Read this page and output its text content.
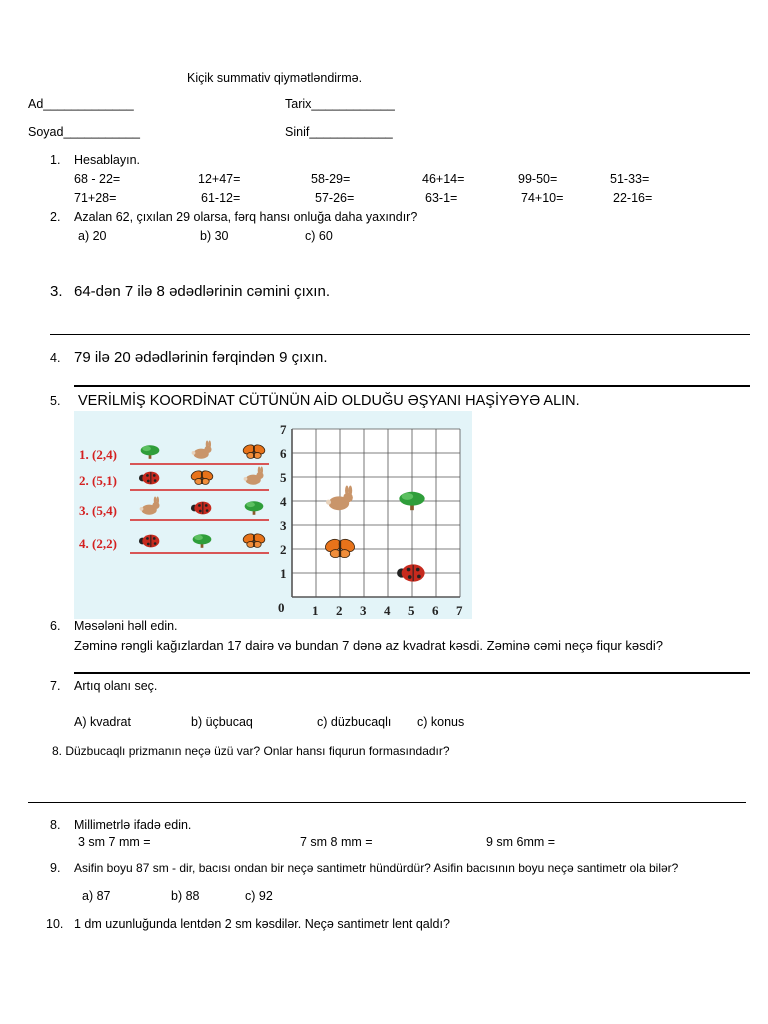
Kiçik summativ qiymətləndirmə.
Ad_____________	Tarix____________
Soyad___________	Sinif____________
1. Hesablayın.
68 - 22=	12+47=	58-29=	46+14=	99-50=	51-33=
71+28=	61-12=	57-26=	63-1=	74+10=	22-16=
2. Azalan 62, çıxılan 29 olarsa, fərq hansı onluğa daha yaxındır?
a) 20	b) 30	c) 60
3. 64-dən 7 ilə 8 ədədlərinin cəmini çıxın.
4. 79 ilə 20 ədədlərinin fərqindən 9 çıxın.
5. VERİLMİŞ KOORDİNAT CÜTÜNÜN AİD OLDUĞU ƏŞYANI HAŞİYƏYƏ ALIN.
1. (2,4)
2. (5,1)
3. (5,4)
4. (2,2)
1
2
3
4
5
6
7
1 2 3 4 5 6 7
0
6. Məsələni həll edin.
Zəminə rəngli kağızlardan 17 dairə və bundan 7 dənə az kvadrat kəsdi. Zəminə cəmi neçə fiqur kəsdi?
7. Artıq olanı seç.
A) kvadrat	b) üçbucaq	c) düzbucaqlı c) konus
8. Düzbucaqlı prizmanın neçə üzü var? Onlar hansı fiqurun formasındadır?
8. Millimetrlə ifadə edin.
3 sm 7 mm =	7 sm 8 mm =	9 sm 6mm =
9. Asifin boyu 87 sm - dir, bacısı ondan bir neçə santimetr hündürdür? Asifin bacısının boyu neçə santimetr ola bilər?
a) 87	b) 88	c) 92
10. 1 dm uzunluğunda lentdən 2 sm kəsdilər. Neçə santimetr lent qaldı?
